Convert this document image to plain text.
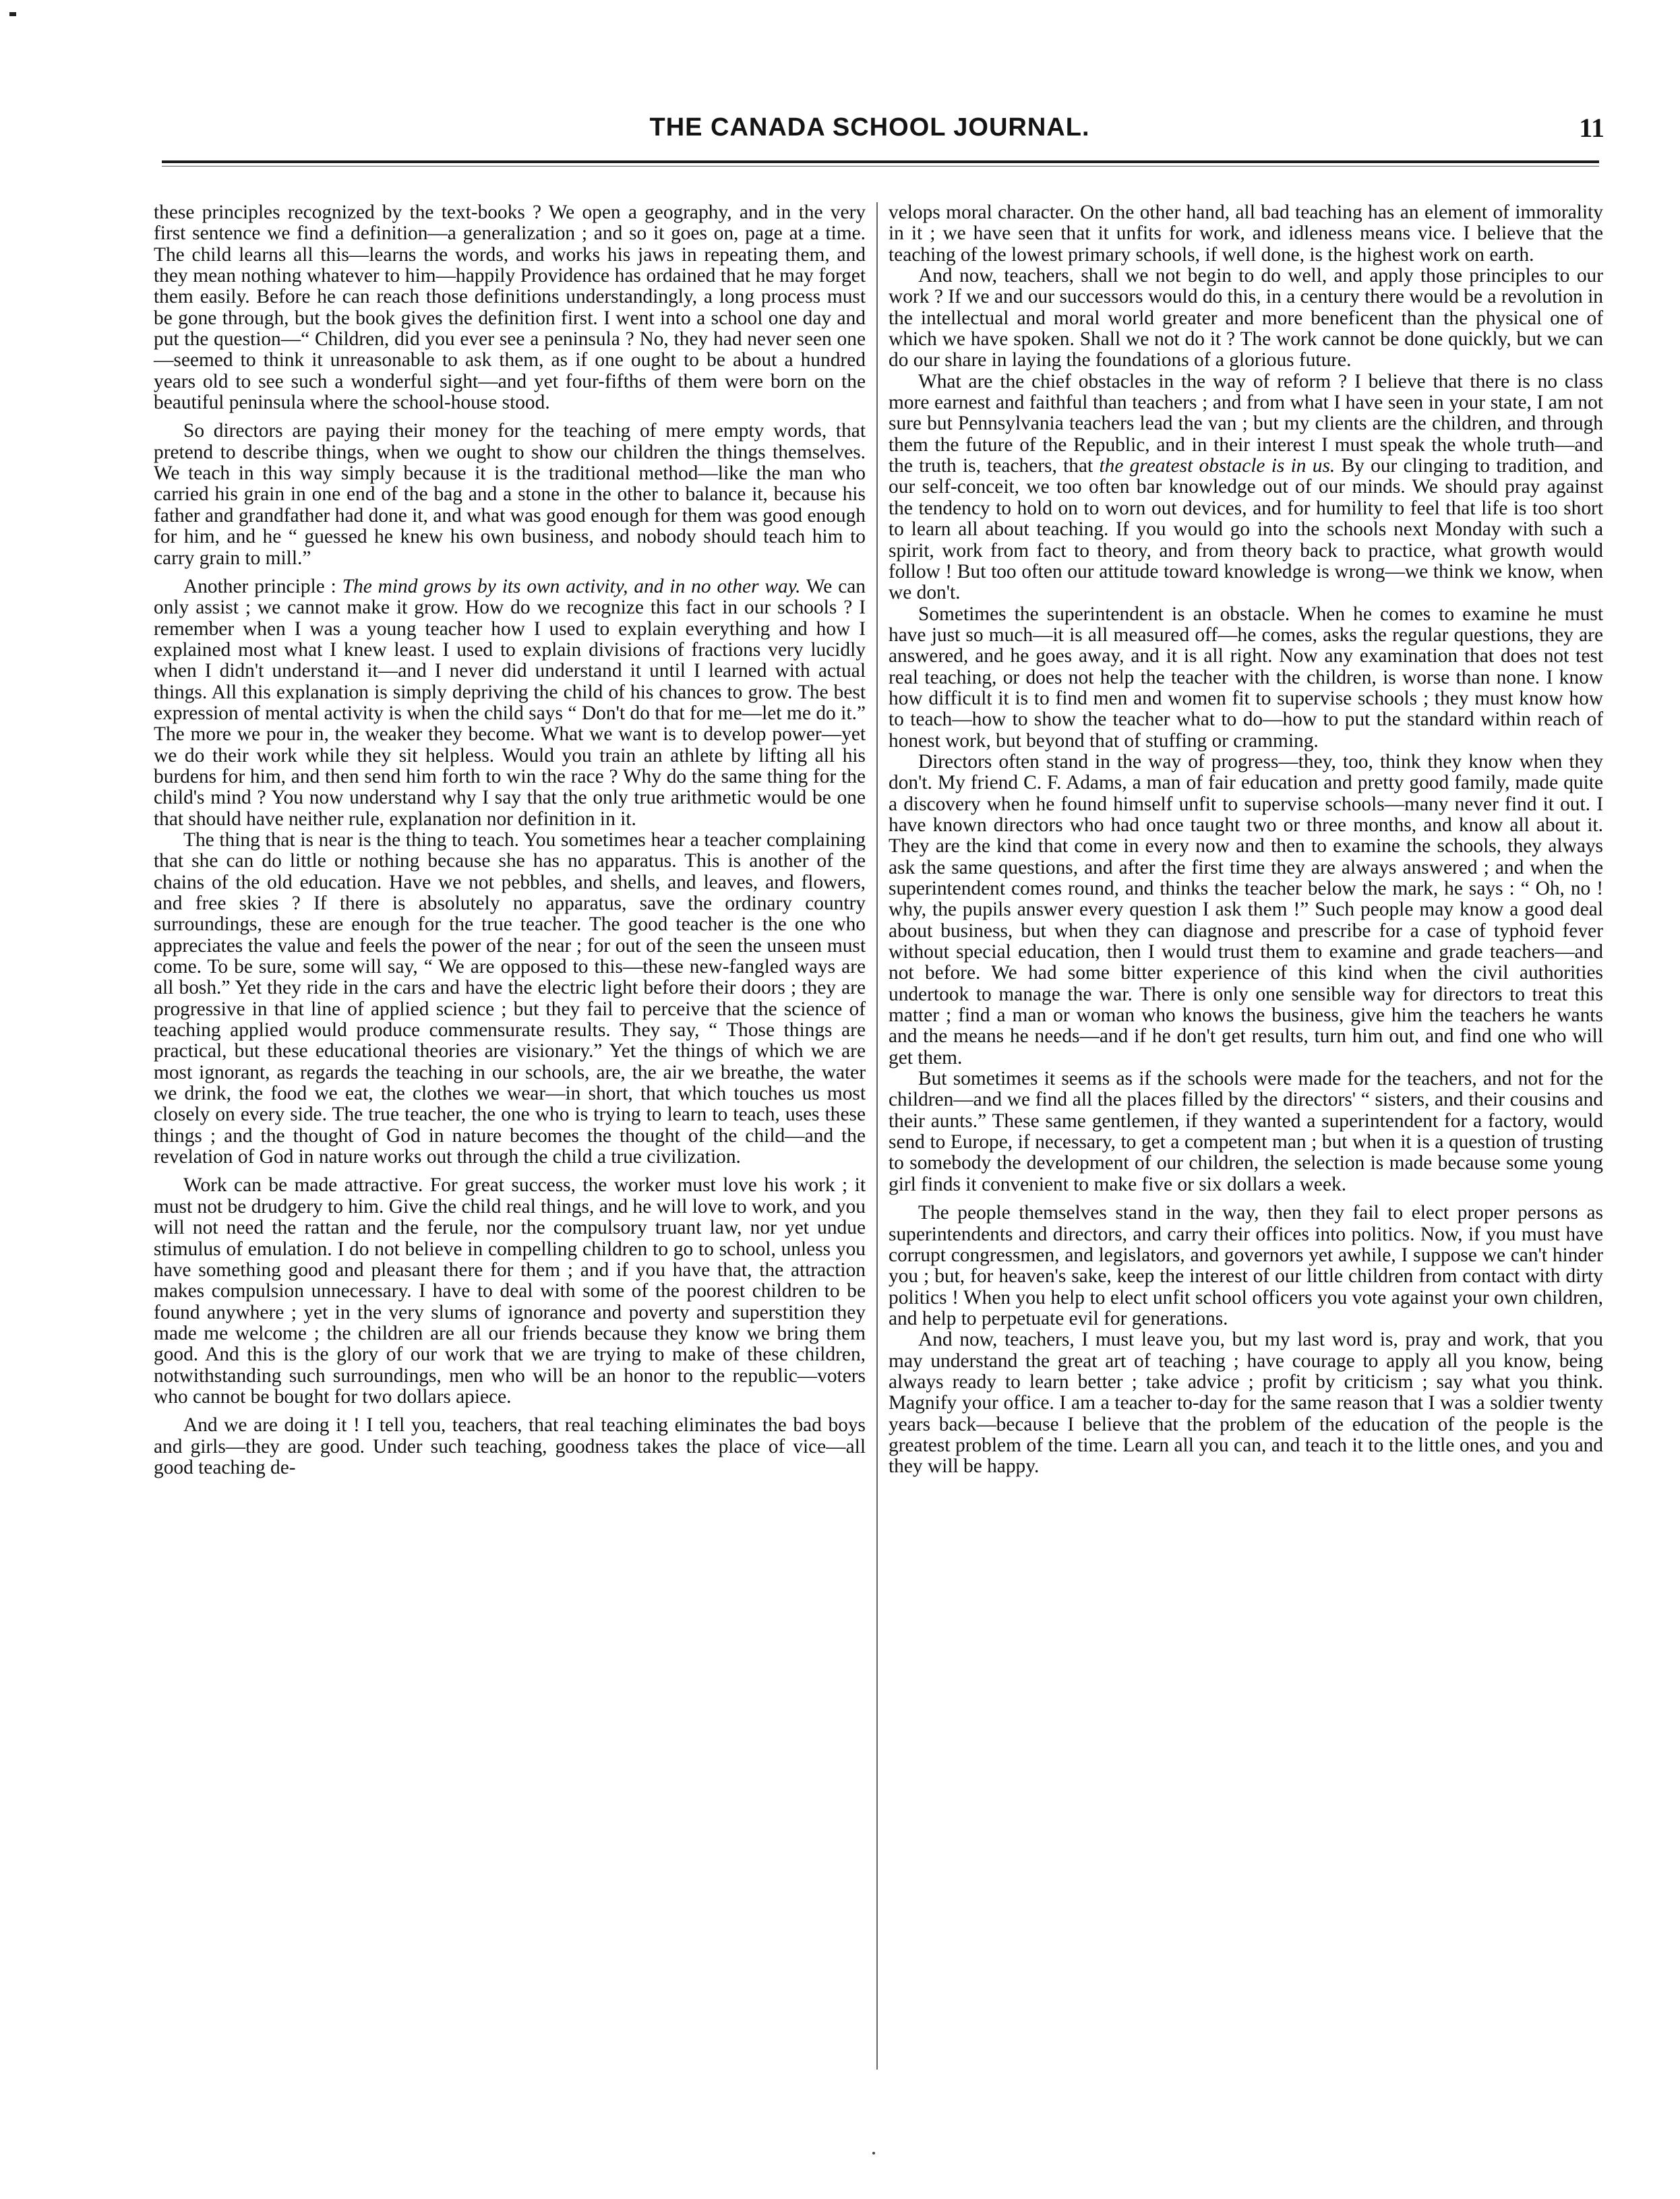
THE CANADA SCHOOL JOURNAL.	11

these principles recognized by the text-books ? We open a geography, and in the very first sentence we find a definition—a generalization ; and so it goes on, page at a time. The child learns all this—learns the words, and works his jaws in repeating them, and they mean nothing whatever to him—happily Providence has ordained that he may forget them easily. Before he can reach those definitions understandingly, a long process must be gone through, but the book gives the definition first. I went into a school one day and put the question—“ Children, did you ever see a peninsula ? No, they had never seen one—seemed to think it unreasonable to ask them, as if one ought to be about a hundred years old to see such a wonderful sight—and yet four-fifths of them were born on the beautiful peninsula where the school-house stood.

So directors are paying their money for the teaching of mere empty words, that pretend to describe things, when we ought to show our children the things themselves. We teach in this way simply because it is the traditional method—like the man who carried his grain in one end of the bag and a stone in the other to balance it, because his father and grandfather had done it, and what was good enough for them was good enough for him, and he “ guessed he knew his own business, and nobody should teach him to carry grain to mill.”

Another principle : The mind grows by its own activity, and in no other way. We can only assist ; we cannot make it grow. How do we recognize this fact in our schools ? I remember when I was a young teacher how I used to explain everything and how I explained most what I knew least. I used to explain divisions of fractions very lucidly when I didn't understand it—and I never did understand it until I learned with actual things. All this explanation is simply depriving the child of his chances to grow. The best expression of mental activity is when the child says “ Don't do that for me—let me do it.” The more we pour in, the weaker they become. What we want is to develop power—yet we do their work while they sit helpless. Would you train an athlete by lifting all his burdens for him, and then send him forth to win the race ? Why do the same thing for the child's mind ? You now understand why I say that the only true arithmetic would be one that should have neither rule, explanation nor definition in it.

The thing that is near is the thing to teach. You sometimes hear a teacher complaining that she can do little or nothing because she has no apparatus. This is another of the chains of the old education. Have we not pebbles, and shells, and leaves, and flowers, and free skies ? If there is absolutely no apparatus, save the ordinary country surroundings, these are enough for the true teacher. The good teacher is the one who appreciates the value and feels the power of the near ; for out of the seen the unseen must come. To be sure, some will say, “ We are opposed to this—these new-fangled ways are all bosh.” Yet they ride in the cars and have the electric light before their doors ; they are progressive in that line of applied science ; but they fail to perceive that the science of teaching applied would produce commensurate results. They say, “ Those things are practical, but these educational theories are visionary.” Yet the things of which we are most ignorant, as regards the teaching in our schools, are, the air we breathe, the water we drink, the food we eat, the clothes we wear—in short, that which touches us most closely on every side. The true teacher, the one who is trying to learn to teach, uses these things ; and the thought of God in nature becomes the thought of the child—and the revelation of God in nature works out through the child a true civilization.

Work can be made attractive. For great success, the worker must love his work ; it must not be drudgery to him. Give the child real things, and he will love to work, and you will not need the rattan and the ferule, nor the compulsory truant law, nor yet undue stimulus of emulation. I do not believe in compelling children to go to school, unless you have something good and pleasant there for them ; and if you have that, the attraction makes compulsion unnecessary. I have to deal with some of the poorest children to be found anywhere ; yet in the very slums of ignorance and poverty and superstition they made me welcome ; the children are all our friends because they know we bring them good. And this is the glory of our work that we are trying to make of these children, notwithstanding such surroundings, men who will be an honor to the republic—voters who cannot be bought for two dollars apiece.

And we are doing it ! I tell you, teachers, that real teaching eliminates the bad boys and girls—they are good. Under such teaching, goodness takes the place of vice—all good teaching de-

velops moral character. On the other hand, all bad teaching has an element of immorality in it ; we have seen that it unfits for work, and idleness means vice. I believe that the teaching of the lowest primary schools, if well done, is the highest work on earth.

And now, teachers, shall we not begin to do well, and apply those principles to our work ? If we and our successors would do this, in a century there would be a revolution in the intellectual and moral world greater and more beneficent than the physical one of which we have spoken. Shall we not do it ? The work cannot be done quickly, but we can do our share in laying the foundations of a glorious future.

What are the chief obstacles in the way of reform ? I believe that there is no class more earnest and faithful than teachers ; and from what I have seen in your state, I am not sure but Pennsylvania teachers lead the van ; but my clients are the children, and through them the future of the Republic, and in their interest I must speak the whole truth—and the truth is, teachers, that the greatest obstacle is in us. By our clinging to tradition, and our self-conceit, we too often bar knowledge out of our minds. We should pray against the tendency to hold on to worn out devices, and for humility to feel that life is too short to learn all about teaching. If you would go into the schools next Monday with such a spirit, work from fact to theory, and from theory back to practice, what growth would follow ! But too often our attitude toward knowledge is wrong—we think we know, when we don't.

Sometimes the superintendent is an obstacle. When he comes to examine he must have just so much—it is all measured off—he comes, asks the regular questions, they are answered, and he goes away, and it is all right. Now any examination that does not test real teaching, or does not help the teacher with the children, is worse than none. I know how difficult it is to find men and women fit to supervise schools ; they must know how to teach—how to show the teacher what to do—how to put the standard within reach of honest work, but beyond that of stuffing or cramming.

Directors often stand in the way of progress—they, too, think they know when they don't. My friend C. F. Adams, a man of fair education and pretty good family, made quite a discovery when he found himself unfit to supervise schools—many never find it out. I have known directors who had once taught two or three months, and know all about it. They are the kind that come in every now and then to examine the schools, they always ask the same questions, and after the first time they are always answered ; and when the superintendent comes round, and thinks the teacher below the mark, he says : “ Oh, no ! why, the pupils answer every question I ask them !” Such people may know a good deal about business, but when they can diagnose and prescribe for a case of typhoid fever without special education, then I would trust them to examine and grade teachers—and not before. We had some bitter experience of this kind when the civil authorities undertook to manage the war. There is only one sensible way for directors to treat this matter ; find a man or woman who knows the business, give him the teachers he wants and the means he needs—and if he don't get results, turn him out, and find one who will get them.

But sometimes it seems as if the schools were made for the teachers, and not for the children—and we find all the places filled by the directors' “ sisters, and their cousins and their aunts.” These same gentlemen, if they wanted a superintendent for a factory, would send to Europe, if necessary, to get a competent man ; but when it is a question of trusting to somebody the development of our children, the selection is made because some young girl finds it convenient to make five or six dollars a week.

The people themselves stand in the way, then they fail to elect proper persons as superintendents and directors, and carry their offices into politics. Now, if you must have corrupt congressmen, and legislators, and governors yet awhile, I suppose we can't hinder you ; but, for heaven's sake, keep the interest of our little children from contact with dirty politics ! When you help to elect unfit school officers you vote against your own children, and help to perpetuate evil for generations.

And now, teachers, I must leave you, but my last word is, pray and work, that you may understand the great art of teaching ; have courage to apply all you know, being always ready to learn better ; take advice ; profit by criticism ; say what you think. Magnify your office. I am a teacher to-day for the same reason that I was a soldier twenty years back—because I believe that the problem of the education of the people is the greatest problem of the time. Learn all you can, and teach it to the little ones, and you and they will be happy.
